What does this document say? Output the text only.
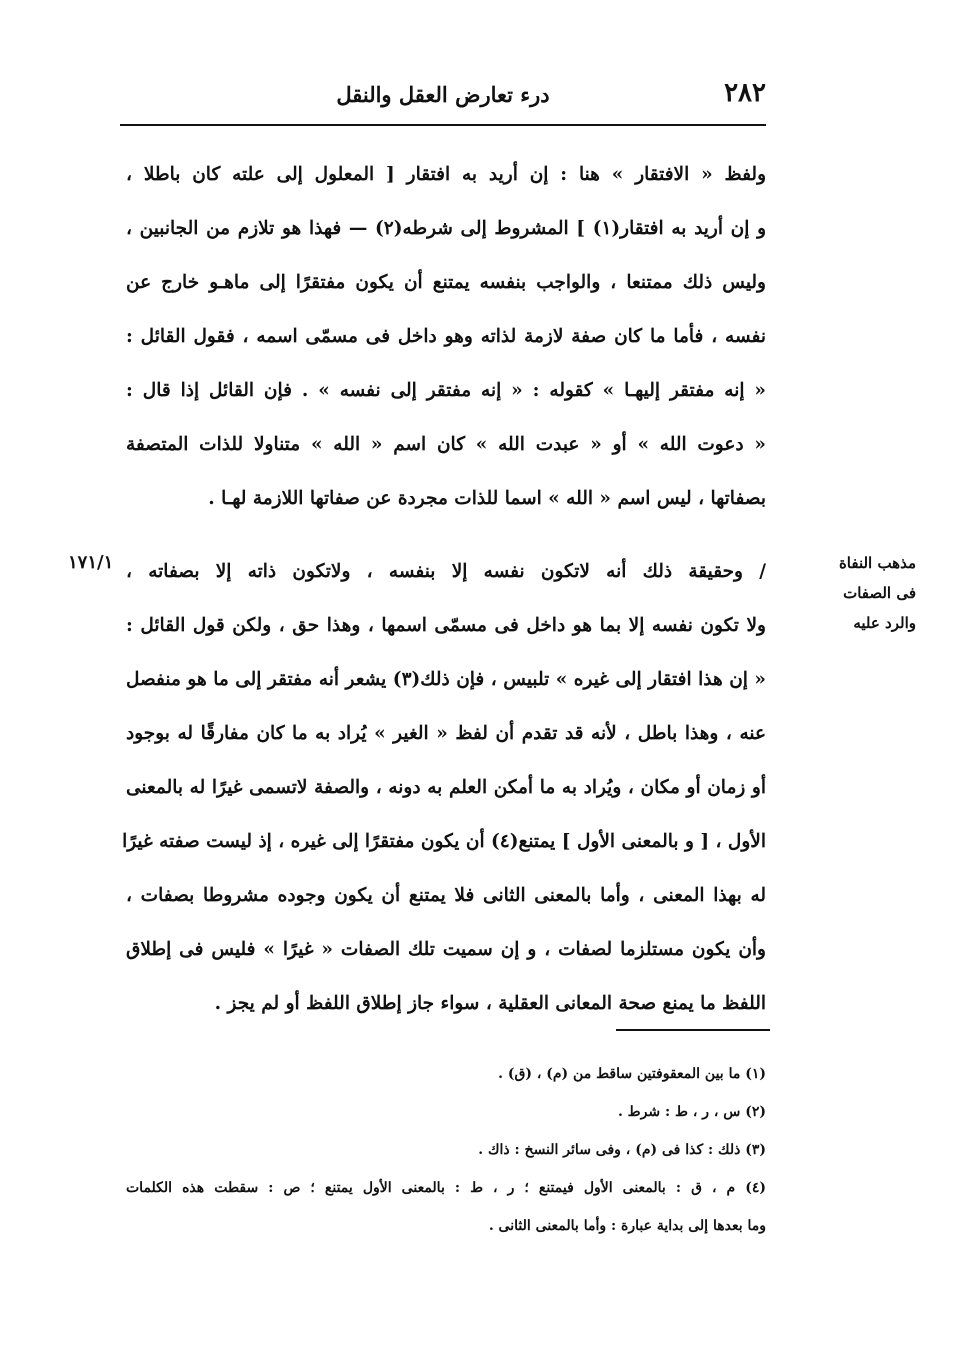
٢٨٢
درء تعارض العقل والنقل
ولفظ « الافتقار » هنا : إن أريد به افتقار [ المعلول إلى علته كان باطلا ،
و إن أريد به افتقار(١) ] المشروط إلى شرطه(٢) — فهذا هو تلازم من الجانبين ،
وليس ذلك ممتنعا ، والواجب بنفسه يمتنع أن يكون مفتقرًا إلى ماهـو خارج عن
نفسه ، فأما ما كان صفة لازمة لذاته وهو داخل فى مسمّى اسمه ، فقول القائل :
« إنه مفتقر إليهـا » كقوله : « إنه مفتقر إلى نفسه » . فإن القائل إذا قال :
« دعوت الله » أو « عبدت الله » كان اسم « الله » متناولا للذات المتصفة
بصفاتها ، ليس اسم « الله » اسما للذات مجردة عن صفاتها اللازمة لهـا .
مذهب النفاة
فى الصفات
والرد عليه
١٧١/١ / وحقيقة ذلك أنه لاتكون نفسه إلا بنفسه ، ولاتكون ذاته إلا بصفاته ،
ولا تكون نفسه إلا بما هو داخل فى مسمّى اسمها ، وهذا حق ، ولكن قول القائل :
« إن هذا افتقار إلى غيره » تلبيس ، فإن ذلك(٣) يشعر أنه مفتقر إلى ما هو منفصل
عنه ، وهذا باطل ، لأنه قد تقدم أن لفظ « الغير » يُراد به ما كان مفارقًا له بوجود
أو زمان أو مكان ، ويُراد به ما أمكن العلم به دونه ، والصفة لاتسمى غيرًا له بالمعنى
الأول ، [ و بالمعنى الأول ] يمتنع(٤) أن يكون مفتقرًا إلى غيره ، إذ ليست صفته غيرًا
له بهذا المعنى ، وأما بالمعنى الثانى فلا يمتنع أن يكون وجوده مشروطا بصفات ،
وأن يكون مستلزما لصفات ، و إن سميت تلك الصفات « غيرًا » فليس فى إطلاق
اللفظ ما يمنع صحة المعانى العقلية ، سواء جاز إطلاق اللفظ أو لم يجز .
(١) ما بين المعقوفتين ساقط من (م) ، (ق) .
(٢) س ، ر ، ط : شرط .
(٣) ذلك : كذا فى (م) ، وفى سائر النسخ : ذاك .
(٤) م ، ق : بالمعنى الأول فيمتنع ؛ ر ، ط : بالمعنى الأول يمتنع ؛ ص : سقطت هذه الكلمات
وما بعدها إلى بداية عبارة : وأما بالمعنى الثانى .
